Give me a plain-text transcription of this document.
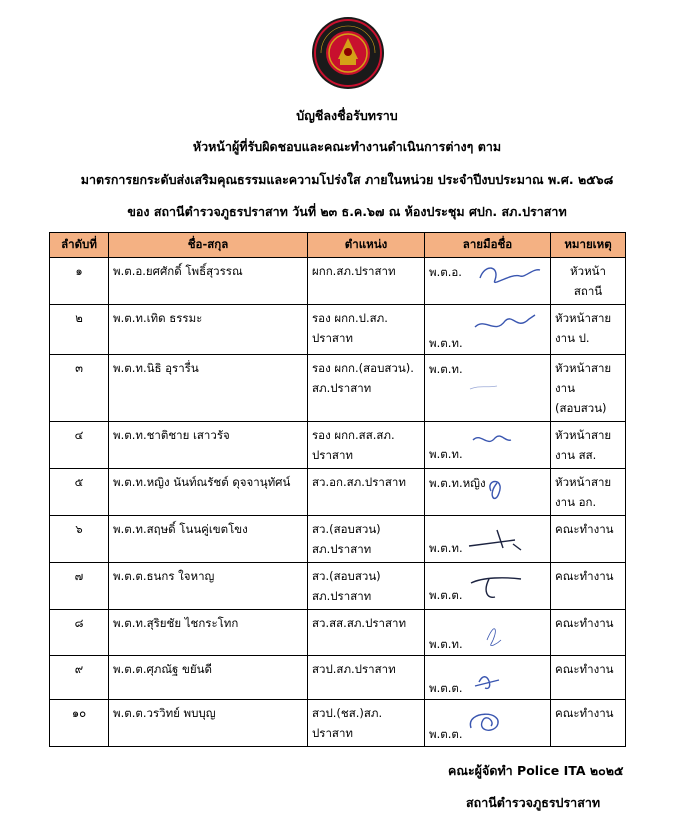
บัญชีลงชื่อรับทราบ
หัวหน้าผู้ที่รับผิดชอบและคณะทำงานดำเนินการต่างๆ ตาม
มาตรการยกระดับส่งเสริมคุณธรรมและความโปร่งใส ภายในหน่วย ประจำปีงบประมาณ พ.ศ. ๒๕๖๘
ของ สถานีตำรวจภูธรปราสาท วันที่ ๒๓ ธ.ค.๖๗ ณ ห้องประชุม ศปก. สภ.ปราสาท
ลำดับที่	ชื่อ-สกุล	ตำแหน่ง	ลายมือชื่อ	หมายเหตุ
๑	พ.ต.อ.ยศศักดิ์ โพธิ์สุวรรณ	ผกก.สภ.ปราสาท	พ.ต.อ.	หัวหน้า
สถานี
๒	พ.ต.ท.เทิด ธรรมะ	รอง ผกก.ป.สภ.
ปราสาท	พ.ต.ท.	หัวหน้าสาย
งาน ป.
๓	พ.ต.ท.นิธิ อุรารื่น	รอง ผกก.(สอบสวน).
สภ.ปราสาท	พ.ต.ท.	หัวหน้าสาย
งาน
(สอบสวน)
๔	พ.ต.ท.ชาติชาย เสาวรัจ	รอง ผกก.สส.สภ.
ปราสาท	พ.ต.ท.	หัวหน้าสาย
งาน สส.
๕	พ.ต.ท.หญิง นันท์ณรัชต์ ดุจจานุทัศน์	สว.อก.สภ.ปราสาท	พ.ต.ท.หญิง	หัวหน้าสาย
งาน อก.
๖	พ.ต.ท.สฤษดิ์ โนนคู่เขตโขง	สว.(สอบสวน)
สภ.ปราสาท	พ.ต.ท.	คณะทำงาน
๗	พ.ต.ต.ธนกร ใจหาญ	สว.(สอบสวน)
สภ.ปราสาท	พ.ต.ต.	คณะทำงาน
๘	พ.ต.ท.สุริยชัย ไชกระโทก	สว.สส.สภ.ปราสาท	พ.ต.ท.	คณะทำงาน
๙	พ.ต.ต.ศุภณัฐ ขยันดี	สวป.สภ.ปราสาท	พ.ต.ต.	คณะทำงาน
๑๐	พ.ต.ต.วรวิทย์ พบบุญ	สวป.(ชส.)สภ.
ปราสาท	พ.ต.ต.	คณะทำงาน
คณะผู้จัดทำ Police ITA ๒๐๒๕
สถานีตำรวจภูธรปราสาท
